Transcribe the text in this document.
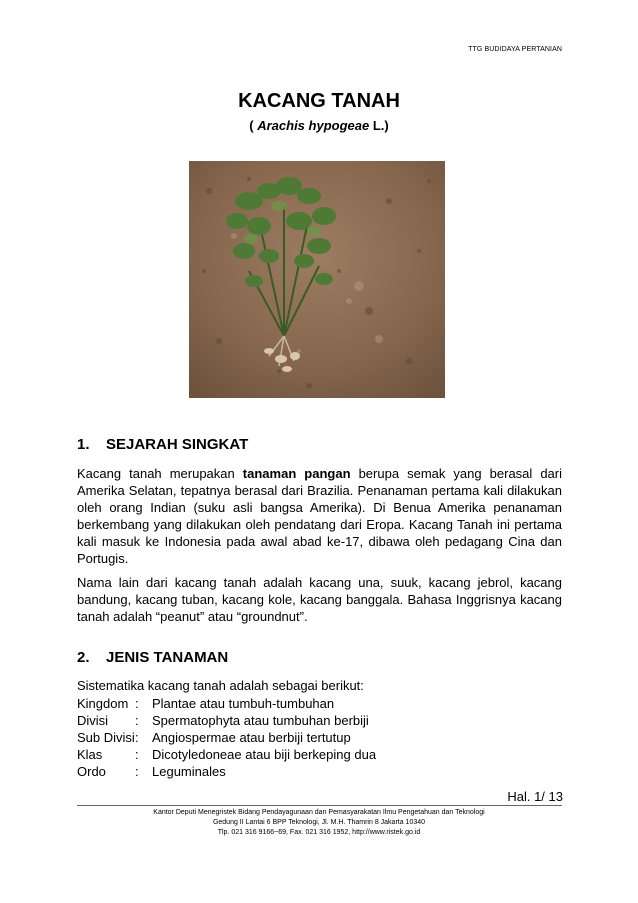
TTG BUDIDAYA PERTANIAN
KACANG TANAH
( Arachis hypogeae L.)
1. SEJARAH SINGKAT
Kacang tanah merupakan tanaman pangan berupa semak yang berasal dari Amerika Selatan, tepatnya berasal dari Brazilia. Penanaman pertama kali dilakukan oleh orang Indian (suku asli bangsa Amerika). Di Benua Amerika penanaman berkembang yang dilakukan oleh pendatang dari Eropa. Kacang Tanah ini pertama kali masuk ke Indonesia pada awal abad ke-17, dibawa oleh pedagang Cina dan Portugis.
Nama lain dari kacang tanah adalah kacang una, suuk, kacang jebrol, kacang bandung, kacang tuban, kacang kole, kacang banggala. Bahasa Inggrisnya kacang tanah adalah “peanut” atau “groundnut”.
2. JENIS TANAMAN
Sistematika kacang tanah adalah sebagai berikut:
Kingdom :	Plantae atau tumbuh-tumbuhan
Divisi	:	Spermatophyta atau tumbuhan berbiji
Sub Divisi :	Angiospermae atau berbiji tertutup
Klas	:	Dicotyledoneae atau biji berkeping dua
Ordo	:	Leguminales
Hal. 1/ 13
Kantor Deputi Menegristek Bidang Pendayagunaan dan Pemasyarakatan Ilmu Pengetahuan dan Teknologi
Gedung II Lantai 6 BPP Teknologi, Jl. M.H. Thamrin 8 Jakarta 10340
Tlp. 021 316 9166~69, Fax. 021 316 1952, http://www.ristek.go.id
